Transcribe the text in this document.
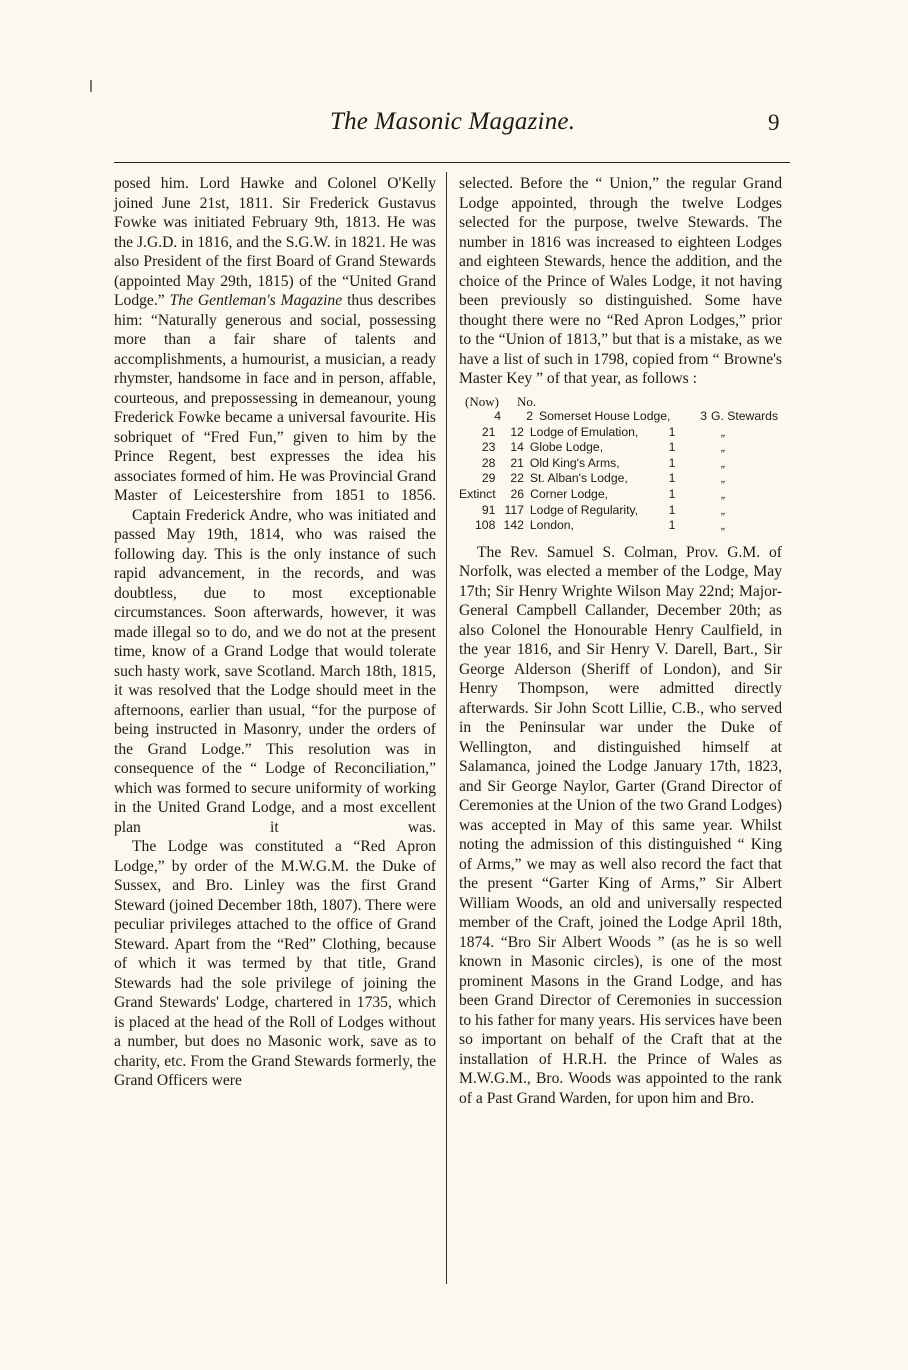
The Masonic Magazine.	9

posed him. Lord Hawke and Colonel O'Kelly joined June 21st, 1811. Sir Frederick Gustavus Fowke was initiated February 9th, 1813. He was the J.G.D. in 1816, and the S.G.W. in 1821. He was also President of the first Board of Grand Stewards (appointed May 29th, 1815) of the “United Grand Lodge.” The Gentleman's Magazine thus describes him: “Naturally generous and social, possessing more than a fair share of talents and accomplishments, a humourist, a musician, a ready rhymster, handsome in face and in person, affable, courteous, and prepossessing in demeanour, young Frederick Fowke became a universal favourite. His sobriquet of “Fred Fun,” given to him by the Prince Regent, best expresses the idea his associates formed of him. He was Provincial Grand Master of Leicestershire from 1851 to 1856.

Captain Frederick Andre, who was initiated and passed May 19th, 1814, who was raised the following day. This is the only instance of such rapid advancement, in the records, and was doubtless, due to most exceptionable circumstances. Soon afterwards, however, it was made illegal so to do, and we do not at the present time, know of a Grand Lodge that would tolerate such hasty work, save Scotland. March 18th, 1815, it was resolved that the Lodge should meet in the afternoons, earlier than usual, “for the purpose of being instructed in Masonry, under the orders of the Grand Lodge.” This resolution was in consequence of the “ Lodge of Reconciliation,” which was formed to secure uniformity of working in the United Grand Lodge, and a most excellent plan it was.

The Lodge was constituted a “Red Apron Lodge,” by order of the M.W.G.M. the Duke of Sussex, and Bro. Linley was the first Grand Steward (joined December 18th, 1807). There were peculiar privileges attached to the office of Grand Steward. Apart from the “Red” Clothing, because of which it was termed by that title, Grand Stewards had the sole privilege of joining the Grand Stewards' Lodge, chartered in 1735, which is placed at the head of the Roll of Lodges without a number, but does no Masonic work, save as to charity, etc. From the Grand Stewards formerly, the Grand Officers were

selected. Before the “ Union,” the regular Grand Lodge appointed, through the twelve Lodges selected for the purpose, twelve Stewards. The number in 1816 was increased to eighteen Lodges and eighteen Stewards, hence the addition, and the choice of the Prince of Wales Lodge, it not having been previously so distinguished. Some have thought there were no “Red Apron Lodges,” prior to the “Union of 1813,” but that is a mistake, as we have a list of such in 1798, copied from “ Browne's Master Key ” of that year, as follows :

(Now)	No.
4	2 Somerset House Lodge,	3 G. Stewards
21	12 Lodge of Emulation,	1	„
23	14 Globe Lodge,	1	„
28	21 Old King's Arms,	1	„
29	22 St. Alban's Lodge,	1	„
Extinct	26 Corner Lodge,	1	„
91 117 Lodge of Regularity,	1	„
108 142 London,	1	„

The Rev. Samuel S. Colman, Prov. G.M. of Norfolk, was elected a member of the Lodge, May 17th; Sir Henry Wrighte Wilson May 22nd; Major-General Campbell Callander, December 20th; as also Colonel the Honourable Henry Caulfield, in the year 1816, and Sir Henry V. Darell, Bart., Sir George Alderson (Sheriff of London), and Sir Henry Thompson, were admitted directly afterwards. Sir John Scott Lillie, C.B., who served in the Peninsular war under the Duke of Wellington, and distinguished himself at Salamanca, joined the Lodge January 17th, 1823, and Sir George Naylor, Garter (Grand Director of Ceremonies at the Union of the two Grand Lodges) was accepted in May of this same year. Whilst noting the admission of this distinguished “ King of Arms,” we may as well also record the fact that the present “Garter King of Arms,” Sir Albert William Woods, an old and universally respected member of the Craft, joined the Lodge April 18th, 1874. “Bro Sir Albert Woods ” (as he is so well known in Masonic circles), is one of the most prominent Masons in the Grand Lodge, and has been Grand Director of Ceremonies in succession to his father for many years. His services have been so important on behalf of the Craft that at the installation of H.R.H. the Prince of Wales as M.W.G.M., Bro. Woods was appointed to the rank of a Past Grand Warden, for upon him and Bro.
